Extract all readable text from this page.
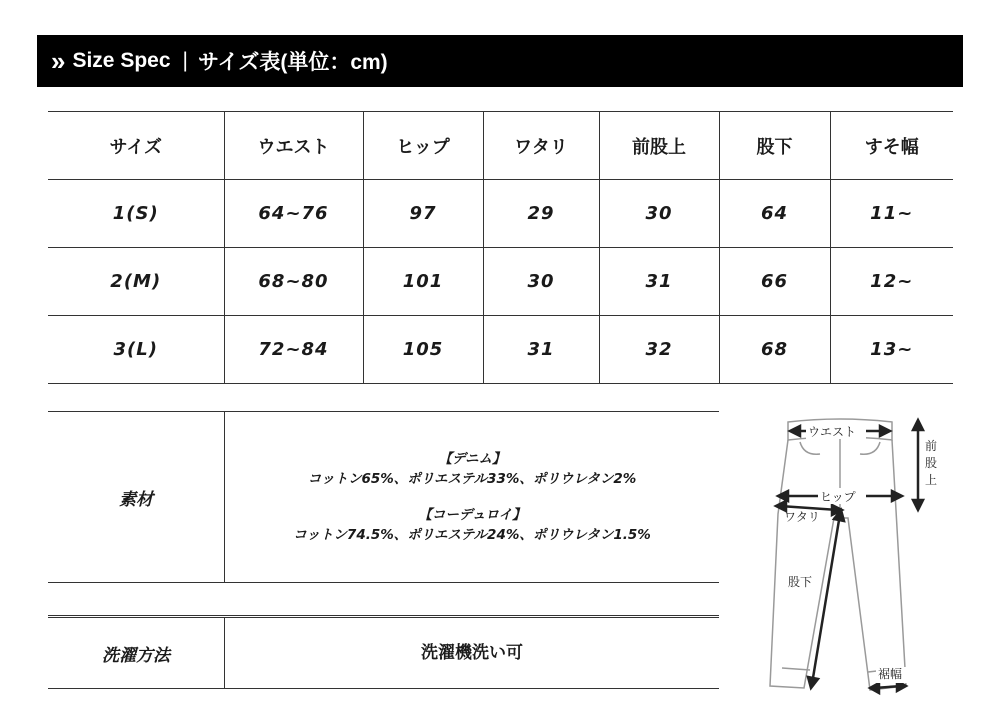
» Size Spec | サイズ表(単位：cm)
サイズ	ウエスト	ヒップ	ワタリ	前股上	股下	すそ幅
1(S)	64~76	97	29	30	64	11~
2(M)	68~80	101	30	31	66	12~
3(L)	72~84	105	31	32	68	13~
素材
【デニム】
コットン65%、ポリエステル33%、ポリウレタン2%
【コーデュロイ】
コットン74.5%、ポリエステル24%、ポリウレタン1.5%
洗濯方法	洗濯機洗い可
ウエスト
前
股
上
ヒップ
ワタリ
股下
裾幅
